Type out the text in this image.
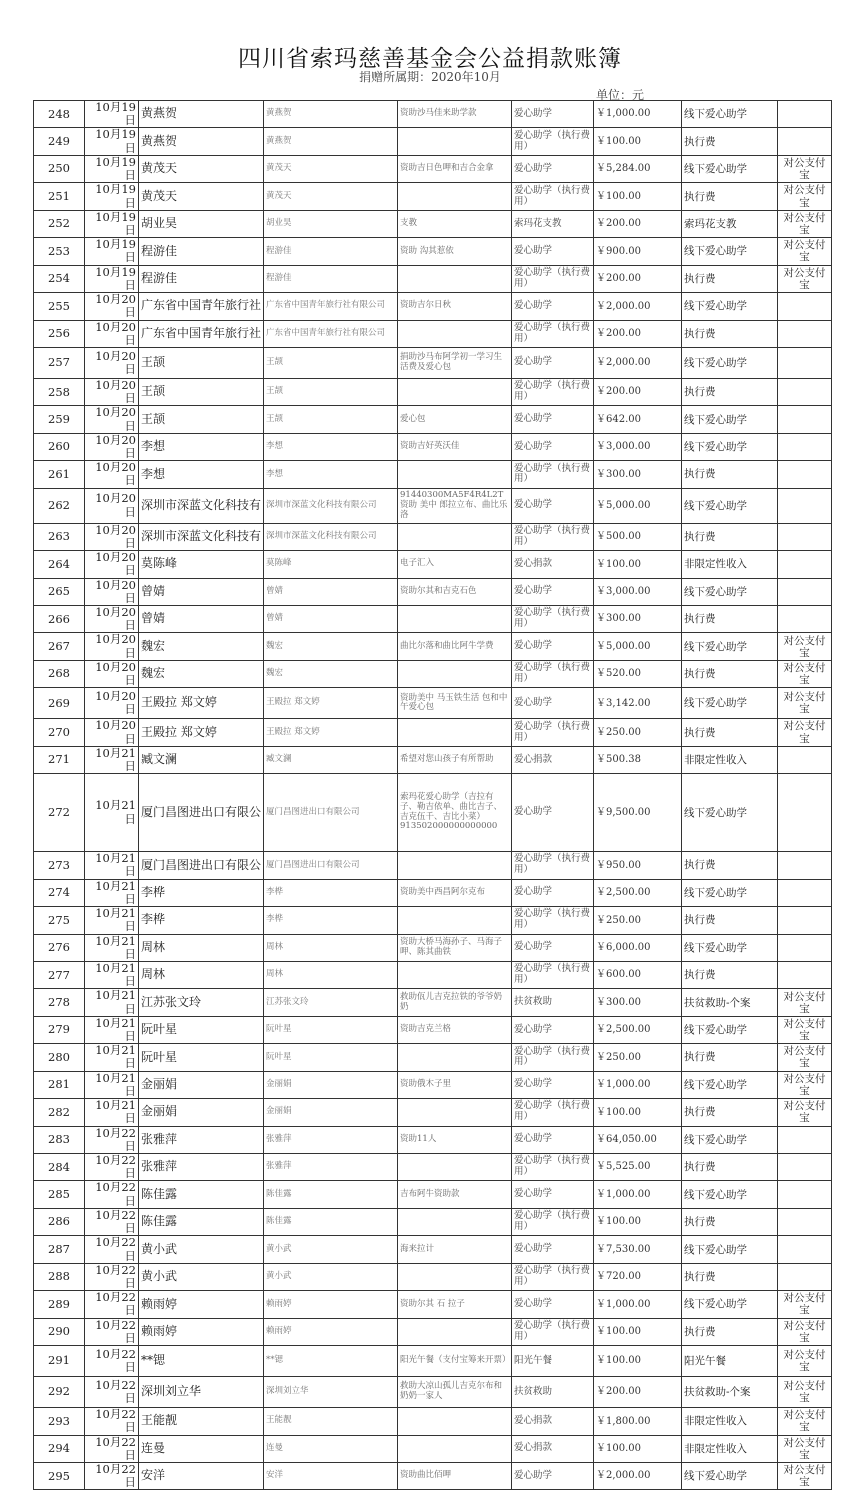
四川省索玛慈善基金会公益捐款账簿
捐赠所属期：2020年10月
单位：元
248	10月19日	黄燕贺	黄燕贺	资助沙马佳来助学款	爱心助学	￥1,000.00	线下爱心助学	
249	10月19日	黄燕贺	黄燕贺		爱心助学（执行费用）	￥100.00	执行费	
250	10月19日	黄茂天	黄茂天	资助吉日色呷和吉合金拿	爱心助学	￥5,284.00	线下爱心助学	对公支付宝
251	10月19日	黄茂天	黄茂天		爱心助学（执行费用）	￥100.00	执行费	对公支付宝
252	10月19日	胡业昊	胡业昊	支教	索玛花支教	￥200.00	索玛花支教	对公支付宝
253	10月19日	程游佳	程游佳	资助 沟其惹依	爱心助学	￥900.00	线下爱心助学	对公支付宝
254	10月19日	程游佳	程游佳		爱心助学（执行费用）	￥200.00	执行费	对公支付宝
255	10月20日	广东省中国青年旅行社	广东省中国青年旅行社有限公司	资助吉尔日秋	爱心助学	￥2,000.00	线下爱心助学	
256	10月20日	广东省中国青年旅行社	广东省中国青年旅行社有限公司		爱心助学（执行费用）	￥200.00	执行费	
257	10月20日	王颉	王颉	捐助沙马布阿学初一学习生活费及爱心包	爱心助学	￥2,000.00	线下爱心助学	
258	10月20日	王颉	王颉		爱心助学（执行费用）	￥200.00	执行费	
259	10月20日	王颉	王颉	爱心包	爱心助学	￥642.00	线下爱心助学	
260	10月20日	李想	李想	资助吉好英沃佳	爱心助学	￥3,000.00	线下爱心助学	
261	10月20日	李想	李想		爱心助学（执行费用）	￥300.00	执行费	
262	10月20日	深圳市深蓝文化科技有	深圳市深蓝文化科技有限公司	91440300MA5F4R4L2T资助 美中 郎拉立布、曲比乐洛	爱心助学	￥5,000.00	线下爱心助学	
263	10月20日	深圳市深蓝文化科技有	深圳市深蓝文化科技有限公司		爱心助学（执行费用）	￥500.00	执行费	
264	10月20日	莫陈峰	莫陈峰	电子汇入	爱心捐款	￥100.00	非限定性收入	
265	10月20日	曾婧	曾婧	资助尔其和吉克石色	爱心助学	￥3,000.00	线下爱心助学	
266	10月20日	曾婧	曾婧		爱心助学（执行费用）	￥300.00	执行费	
267	10月20日	魏宏	魏宏	曲比尔落和曲比阿牛学费	爱心助学	￥5,000.00	线下爱心助学	对公支付宝
268	10月20日	魏宏	魏宏		爱心助学（执行费用）	￥520.00	执行费	对公支付宝
269	10月20日	王殿拉 郑文婷	王殿拉 郑文婷	资助美中 马玉铁生活 包和中午爱心包	爱心助学	￥3,142.00	线下爱心助学	对公支付宝
270	10月20日	王殿拉 郑文婷	王殿拉 郑文婷		爱心助学（执行费用）	￥250.00	执行费	对公支付宝
271	10月21日	臧文澜	臧文澜	希望对您山孩子有所帮助	爱心捐款	￥500.38	非限定性收入	
272	10月21日	厦门昌图进出口有限公	厦门昌图进出口有限公司	索玛花爱心助学（吉拉有子、勒吉依单、曲比吉子、吉克伍千、吉比小菜）913502000000000000	爱心助学	￥9,500.00	线下爱心助学	
273	10月21日	厦门昌图进出口有限公	厦门昌图进出口有限公司		爱心助学（执行费用）	￥950.00	执行费	
274	10月21日	李桦	李桦	资助美中西昌阿尔克布	爱心助学	￥2,500.00	线下爱心助学	
275	10月21日	李桦	李桦		爱心助学（执行费用）	￥250.00	执行费	
276	10月21日	周林	周林	资助大桥马海孙子、马海子呷、陈其曲铁	爱心助学	￥6,000.00	线下爱心助学	
277	10月21日	周林	周林		爱心助学（执行费用）	￥600.00	执行费	
278	10月21日	江苏张文玲	江苏张文玲	救助佤儿吉克拉铁的爷爷奶奶	扶贫救助	￥300.00	扶贫救助-个案	对公支付宝
279	10月21日	阮叶星	阮叶星	资助吉克兰格	爱心助学	￥2,500.00	线下爱心助学	对公支付宝
280	10月21日	阮叶星	阮叶星		爱心助学（执行费用）	￥250.00	执行费	对公支付宝
281	10月21日	金丽娟	金丽娟	资助俄木子里	爱心助学	￥1,000.00	线下爱心助学	对公支付宝
282	10月21日	金丽娟	金丽娟		爱心助学（执行费用）	￥100.00	执行费	对公支付宝
283	10月22日	张雅萍	张雅萍	资助11人	爱心助学	￥64,050.00	线下爱心助学	
284	10月22日	张雅萍	张雅萍		爱心助学（执行费用）	￥5,525.00	执行费	
285	10月22日	陈佳露	陈佳露	吉布阿牛资助款	爱心助学	￥1,000.00	线下爱心助学	
286	10月22日	陈佳露	陈佳露		爱心助学（执行费用）	￥100.00	执行费	
287	10月22日	黄小武	黄小武	海来拉计	爱心助学	￥7,530.00	线下爱心助学	
288	10月22日	黄小武	黄小武		爱心助学（执行费用）	￥720.00	执行费	
289	10月22日	赖雨婷	赖雨婷	资助尔其 石 拉子	爱心助学	￥1,000.00	线下爱心助学	对公支付宝
290	10月22日	赖雨婷	赖雨婷		爱心助学（执行费用）	￥100.00	执行费	对公支付宝
291	10月22日	**锶	**锶	阳光午餐（支付宝筹来开票）	阳光午餐	￥100.00	阳光午餐	对公支付宝
292	10月22日	深圳刘立华	深圳刘立华	救助大凉山孤儿吉克尔布和奶奶一家人	扶贫救助	￥200.00	扶贫救助-个案	对公支付宝
293	10月22日	王能靓	王能靓		爱心捐款	￥1,800.00	非限定性收入	对公支付宝
294	10月22日	连曼	连曼		爱心捐款	￥100.00	非限定性收入	对公支付宝
295	10月22日	安洋	安洋	资助曲比佰呷	爱心助学	￥2,000.00	线下爱心助学	对公支付宝
